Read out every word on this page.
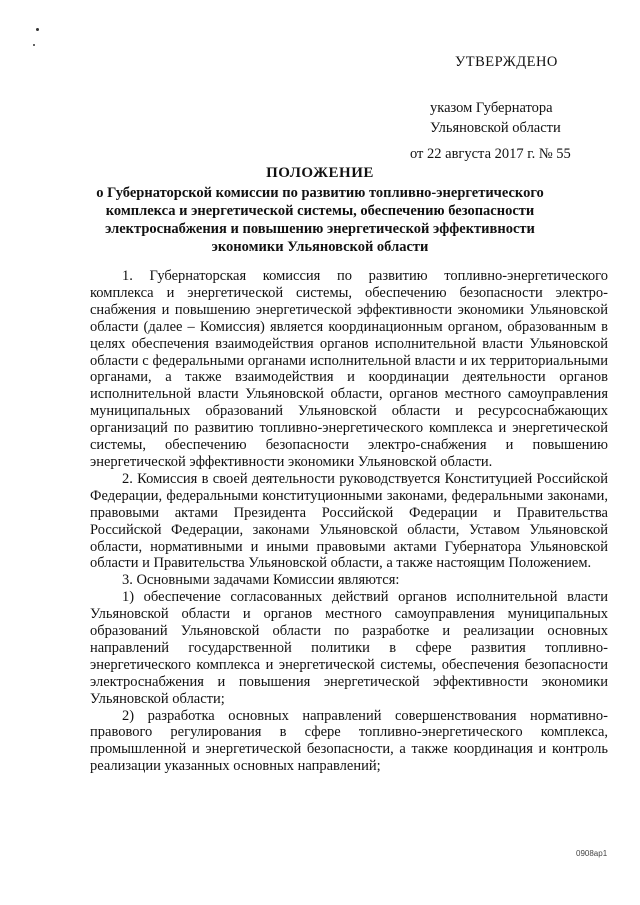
УТВЕРЖДЕНО
указом Губернатора
Ульяновской области
от 22 августа 2017 г. № 55
ПОЛОЖЕНИЕ
о Губернаторской комиссии по развитию топливно-энергетического комплекса и энергетической системы, обеспечению безопасности электроснабжения и повышению энергетической эффективности экономики Ульяновской области

1. Губернаторская комиссия по развитию топливно-энергетического комплекса и энергетической системы, обеспечению безопасности электро-снабжения и повышению энергетической эффективности экономики Ульяновской области (далее – Комиссия) является координационным органом, образованным в целях обеспечения взаимодействия органов исполнительной власти Ульяновской области с федеральными органами исполнительной власти и их территориальными органами, а также взаимодействия и координации деятельности органов исполнительной власти Ульяновской области, органов местного самоуправления муниципальных образований Ульяновской области и ресурсоснабжающих организаций по развитию топливно-энергетического комплекса и энергетической системы, обеспечению безопасности электро-снабжения и повышению энергетической эффективности экономики Ульяновской области.

2. Комиссия в своей деятельности руководствуется Конституцией Российской Федерации, федеральными конституционными законами, федеральными законами, правовыми актами Президента Российской Федерации и Правительства Российской Федерации, законами Ульяновской области, Уставом Ульяновской области, нормативными и иными правовыми актами Губернатора Ульяновской области и Правительства Ульяновской области, а также настоящим Положением.

3. Основными задачами Комиссии являются:

1) обеспечение согласованных действий органов исполнительной власти Ульяновской области и органов местного самоуправления муниципальных образований Ульяновской области по разработке и реализации основных направлений государственной политики в сфере развития топливно-энергетического комплекса и энергетической системы, обеспечения безопасности электроснабжения и повышения энергетической эффективности экономики Ульяновской области;

2) разработка основных направлений совершенствования нормативно-правового регулирования в сфере топливно-энергетического комплекса, промышленной и энергетической безопасности, а также координация и контроль реализации указанных основных направлений;

0908ap1
